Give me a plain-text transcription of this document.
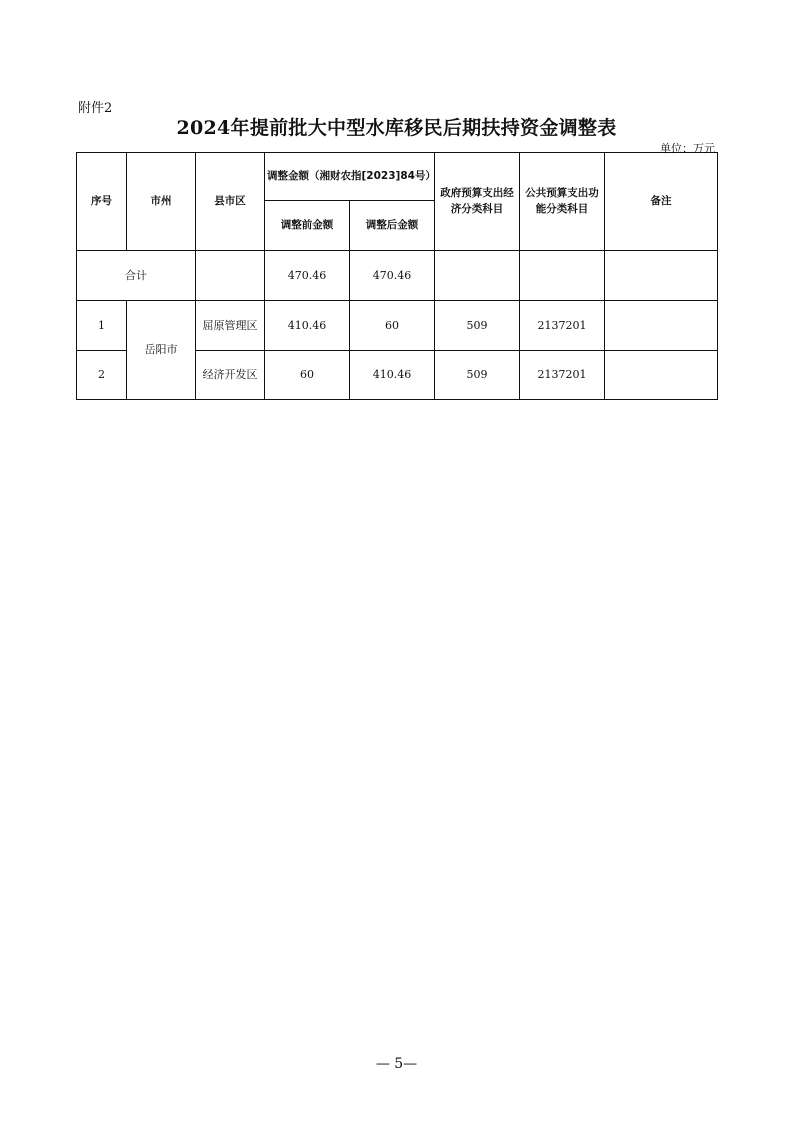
附件2
2024年提前批大中型水库移民后期扶持资金调整表
单位：万元
序号	市州	县市区	调整金额（湘财农指[2023]84号）		政府预算支出经济分类科目	公共预算支出功能分类科目	备注
			调整前金额	调整后金额			
合计			470.46	470.46			
1	岳阳市	屈原管理区	410.46	60	509	2137201	
2		经济开发区	60	410.46	509	2137201	
— 5—
